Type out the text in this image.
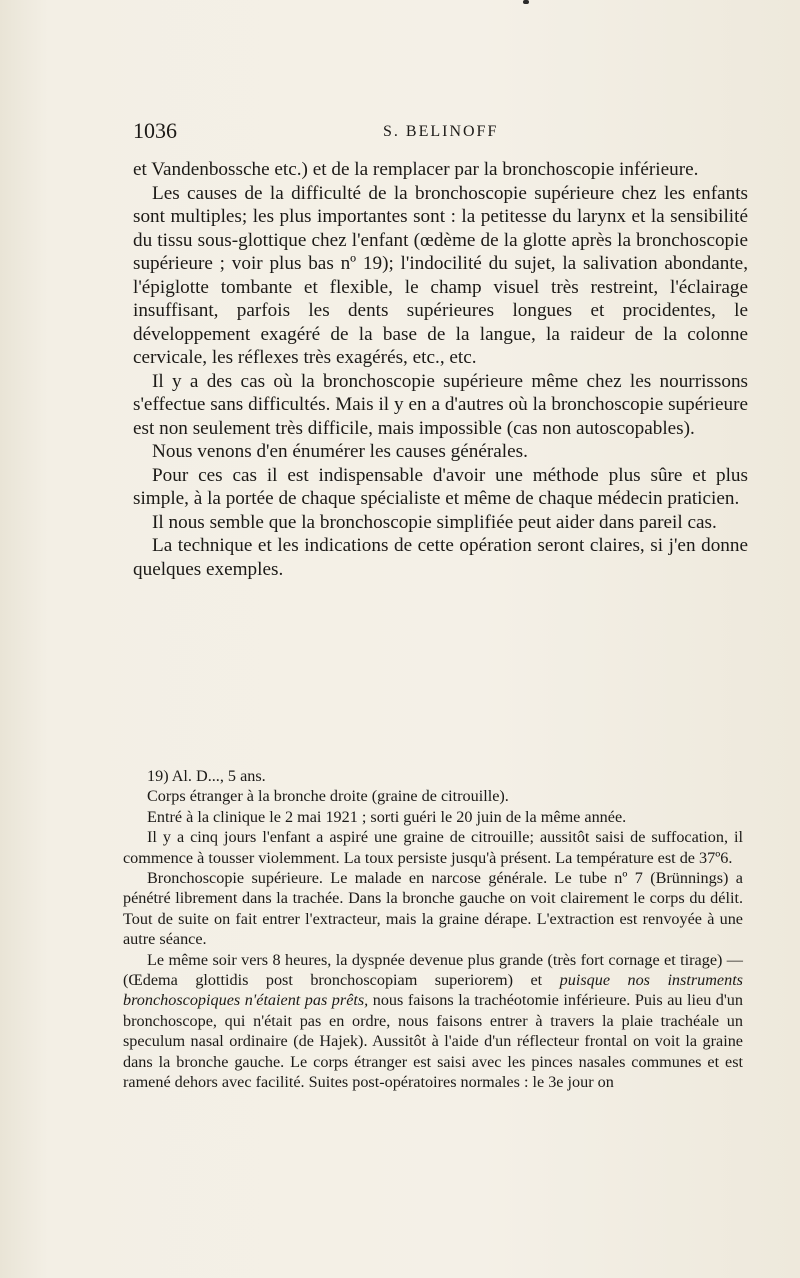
1036	S. BELINOFF

et Vandenbossche etc.) et de la remplacer par la bronchoscopie inférieure.

Les causes de la difficulté de la bronchoscopie supérieure chez les enfants sont multiples; les plus importantes sont : la petitesse du larynx et la sensibilité du tissu sous-glottique chez l'enfant (œdème de la glotte après la bronchoscopie supérieure ; voir plus bas nº 19); l'indocilité du sujet, la salivation abondante, l'épiglotte tombante et flexible, le champ visuel très restreint, l'éclairage insuffisant, parfois les dents supérieures longues et procidentes, le développement exagéré de la base de la langue, la raideur de la colonne cervicale, les réflexes très exagérés, etc., etc.

Il y a des cas où la bronchoscopie supérieure même chez les nourrissons s'effectue sans difficultés. Mais il y en a d'autres où la bronchoscopie supérieure est non seulement très difficile, mais impossible (cas non autoscopables).

Nous venons d'en énumérer les causes générales.

Pour ces cas il est indispensable d'avoir une méthode plus sûre et plus simple, à la portée de chaque spécialiste et même de chaque médecin praticien.

Il nous semble que la bronchoscopie simplifiée peut aider dans pareil cas.

La technique et les indications de cette opération seront claires, si j'en donne quelques exemples.

19) Al. D..., 5 ans.

Corps étranger à la bronche droite (graine de citrouille).

Entré à la clinique le 2 mai 1921 ; sorti guéri le 20 juin de la même année.

Il y a cinq jours l'enfant a aspiré une graine de citrouille; aussitôt saisi de suffocation, il commence à tousser violemment. La toux persiste jusqu'à présent. La température est de 37º6.

Bronchoscopie supérieure. Le malade en narcose générale. Le tube nº 7 (Brünnings) a pénétré librement dans la trachée. Dans la bronche gauche on voit clairement le corps du délit. Tout de suite on fait entrer l'extracteur, mais la graine dérape. L'extraction est renvoyée à une autre séance.

Le même soir vers 8 heures, la dyspnée devenue plus grande (très fort cornage et tirage) — (Œdema glottidis post bronchoscopiam superiorem) et puisque nos instruments bronchoscopiques n'étaient pas prêts, nous faisons la trachéotomie inférieure. Puis au lieu d'un bronchoscope, qui n'était pas en ordre, nous faisons entrer à travers la plaie trachéale un speculum nasal ordinaire (de Hajek). Aussitôt à l'aide d'un réflecteur frontal on voit la graine dans la bronche gauche. Le corps étranger est saisi avec les pinces nasales communes et est ramené dehors avec facilité. Suites post-opératoires normales : le 3e jour on
